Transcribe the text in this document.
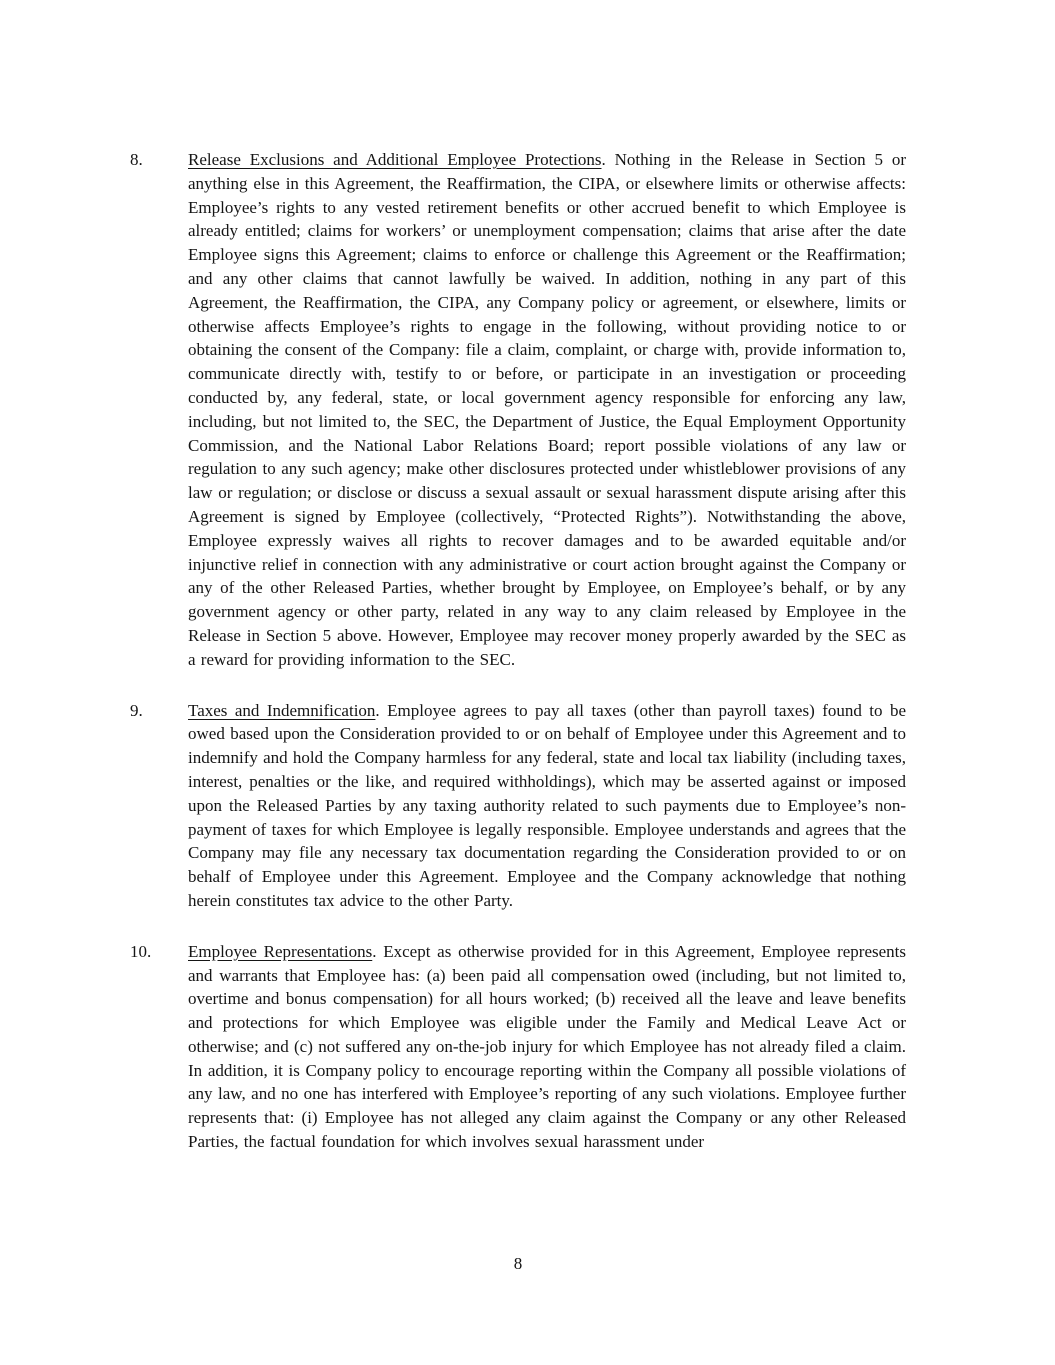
8.	Release Exclusions and Additional Employee Protections. Nothing in the Release in Section 5 or anything else in this Agreement, the Reaffirmation, the CIPA, or elsewhere limits or otherwise affects: Employee’s rights to any vested retirement benefits or other accrued benefit to which Employee is already entitled; claims for workers’ or unemployment compensation; claims that arise after the date Employee signs this Agreement; claims to enforce or challenge this Agreement or the Reaffirmation; and any other claims that cannot lawfully be waived. In addition, nothing in any part of this Agreement, the Reaffirmation, the CIPA, any Company policy or agreement, or elsewhere, limits or otherwise affects Employee’s rights to engage in the following, without providing notice to or obtaining the consent of the Company: file a claim, complaint, or charge with, provide information to, communicate directly with, testify to or before, or participate in an investigation or proceeding conducted by, any federal, state, or local government agency responsible for enforcing any law, including, but not limited to, the SEC, the Department of Justice, the Equal Employment Opportunity Commission, and the National Labor Relations Board; report possible violations of any law or regulation to any such agency; make other disclosures protected under whistleblower provisions of any law or regulation; or disclose or discuss a sexual assault or sexual harassment dispute arising after this Agreement is signed by Employee (collectively, “Protected Rights”). Notwithstanding the above, Employee expressly waives all rights to recover damages and to be awarded equitable and/or injunctive relief in connection with any administrative or court action brought against the Company or any of the other Released Parties, whether brought by Employee, on Employee’s behalf, or by any government agency or other party, related in any way to any claim released by Employee in the Release in Section 5 above. However, Employee may recover money properly awarded by the SEC as a reward for providing information to the SEC.

9.	Taxes and Indemnification. Employee agrees to pay all taxes (other than payroll taxes) found to be owed based upon the Consideration provided to or on behalf of Employee under this Agreement and to indemnify and hold the Company harmless for any federal, state and local tax liability (including taxes, interest, penalties or the like, and required withholdings), which may be asserted against or imposed upon the Released Parties by any taxing authority related to such payments due to Employee’s non-payment of taxes for which Employee is legally responsible. Employee understands and agrees that the Company may file any necessary tax documentation regarding the Consideration provided to or on behalf of Employee under this Agreement. Employee and the Company acknowledge that nothing herein constitutes tax advice to the other Party.

10.	Employee Representations. Except as otherwise provided for in this Agreement, Employee represents and warrants that Employee has: (a) been paid all compensation owed (including, but not limited to, overtime and bonus compensation) for all hours worked; (b) received all the leave and leave benefits and protections for which Employee was eligible under the Family and Medical Leave Act or otherwise; and (c) not suffered any on-the-job injury for which Employee has not already filed a claim. In addition, it is Company policy to encourage reporting within the Company all possible violations of any law, and no one has interfered with Employee’s reporting of any such violations. Employee further represents that: (i) Employee has not alleged any claim against the Company or any other Released Parties, the factual foundation for which involves sexual harassment under

8
